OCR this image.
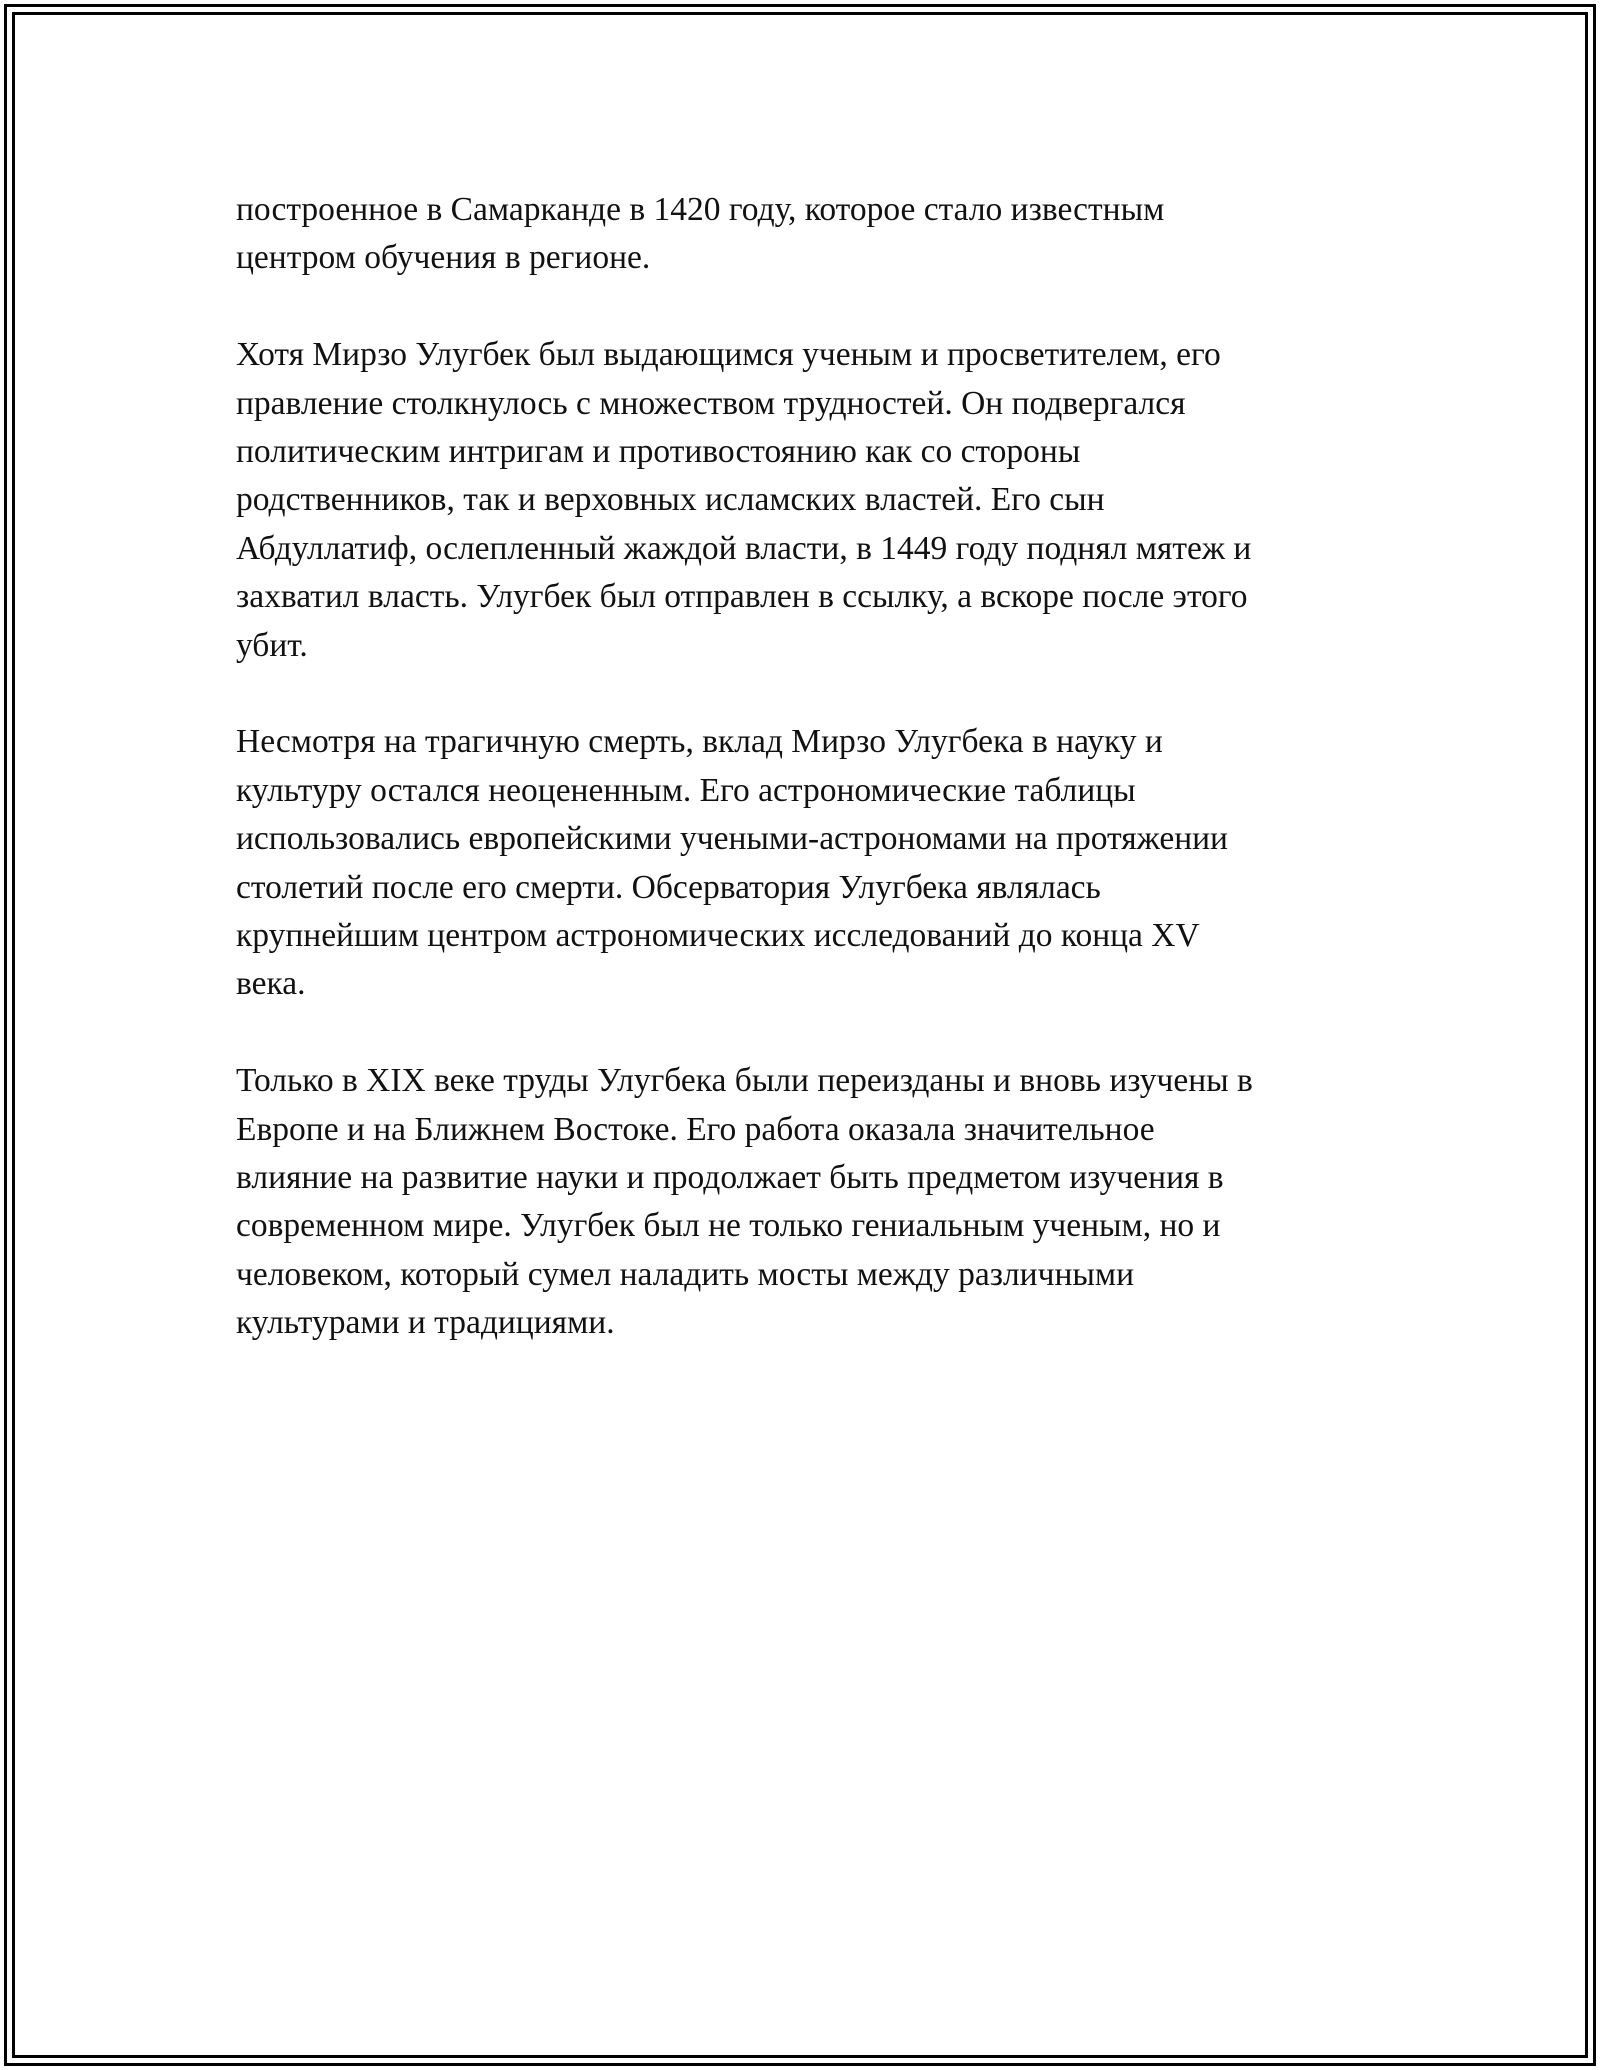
построенное в Самарканде в 1420 году, которое стало известным
центром обучения в регионе.

Хотя Мирзо Улугбек был выдающимся ученым и просветителем, его
правление столкнулось с множеством трудностей. Он подвергался
политическим интригам и противостоянию как со стороны
родственников, так и верховных исламских властей. Его сын
Абдуллатиф, ослепленный жаждой власти, в 1449 году поднял мятеж и
захватил власть. Улугбек был отправлен в ссылку, а вскоре после этого
убит.

Несмотря на трагичную смерть, вклад Мирзо Улугбека в науку и
культуру остался неоцененным. Его астрономические таблицы
использовались европейскими учеными-астрономами на протяжении
столетий после его смерти. Обсерватория Улугбека являлась
крупнейшим центром астрономических исследований до конца XV
века.

Только в XIX веке труды Улугбека были переизданы и вновь изучены в
Европе и на Ближнем Востоке. Его работа оказала значительное
влияние на развитие науки и продолжает быть предметом изучения в
современном мире. Улугбек был не только гениальным ученым, но и
человеком, который сумел наладить мосты между различными
культурами и традициями.
